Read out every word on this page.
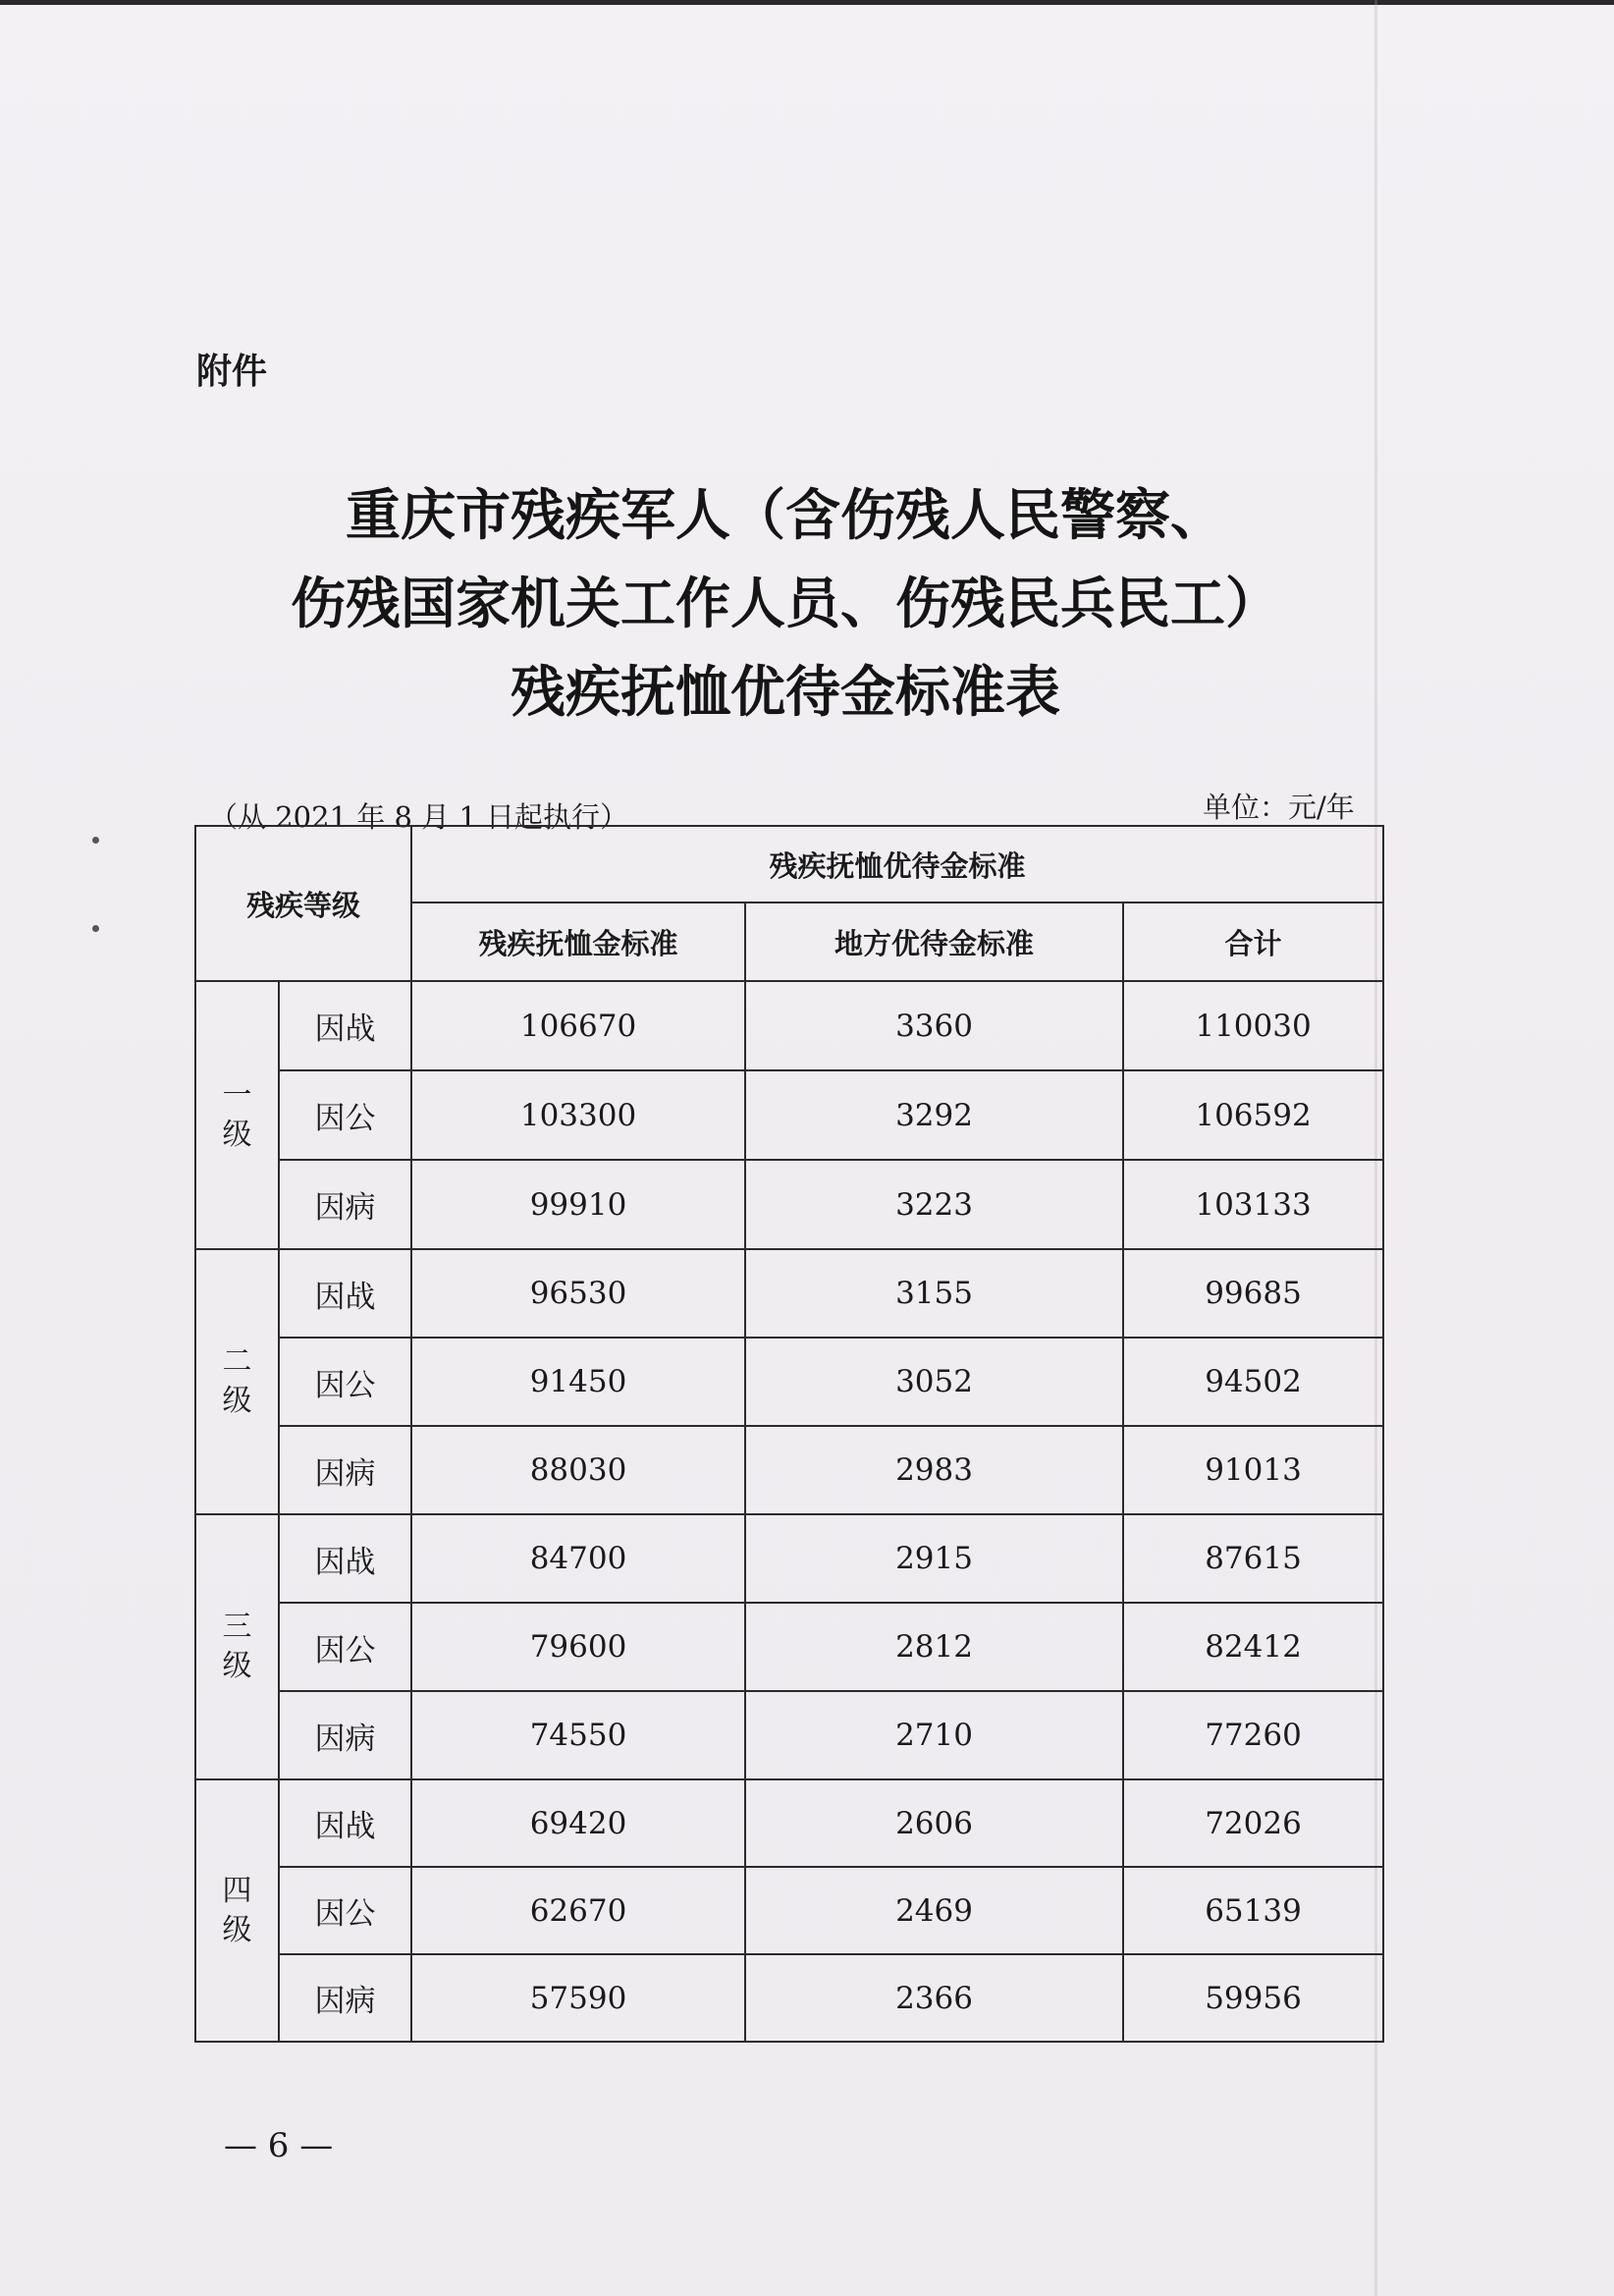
附件
重庆市残疾军人（含伤残人民警察、
伤残国家机关工作人员、伤残民兵民工）
残疾抚恤优待金标准表
（从 2021 年 8 月 1 日起执行）	单位：元/年
残疾等级		残疾抚恤优待金标准		
		残疾抚恤金标准	地方优待金标准	合计

一
级	因战	106670	3360	110030
	因公	103300	3292	106592
	因病	99910	3223	103133

二
级	因战	96530	3155	99685
	因公	91450	3052	94502
	因病	88030	2983	91013

三
级	因战	84700	2915	87615
	因公	79600	2812	82412
	因病	74550	2710	77260

四
级	因战	69420	2606	72026
	因公	62670	2469	65139
	因病	57590	2366	59956
— 6 —
